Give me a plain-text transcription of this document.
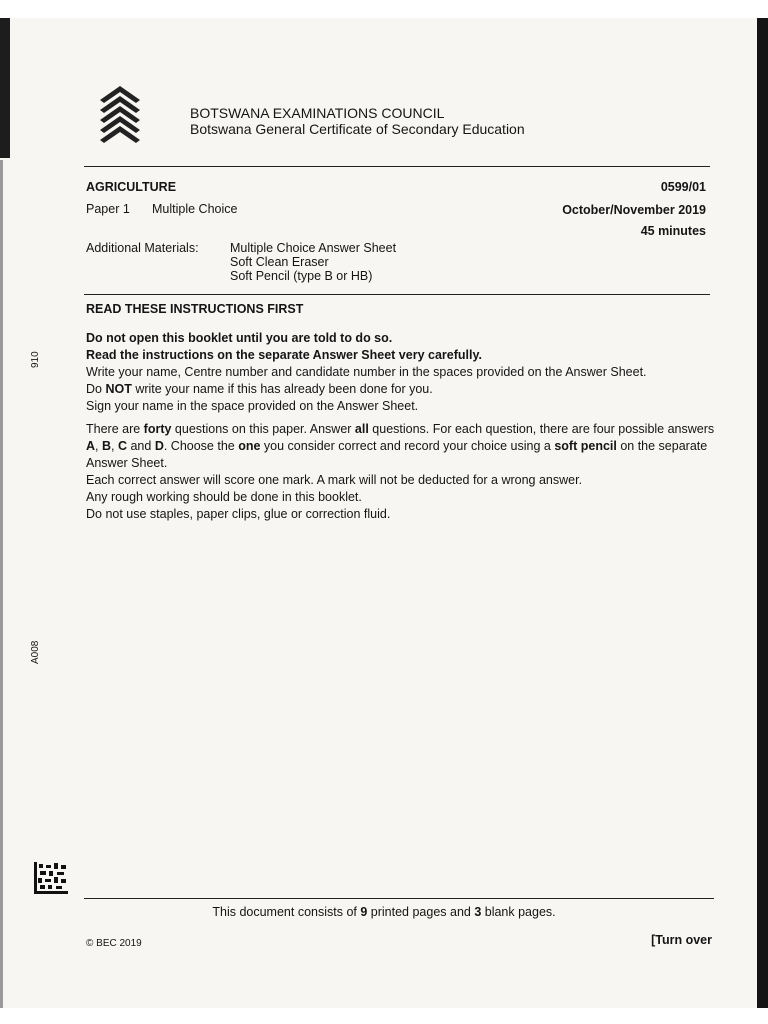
BOTSWANA EXAMINATIONS COUNCIL
Botswana General Certificate of Secondary Education
AGRICULTURE	0599/01
Paper 1 Multiple Choice	October/November 2019
45 minutes
Additional Materials:	Multiple Choice Answer Sheet
Soft Clean Eraser
Soft Pencil (type B or HB)
READ THESE INSTRUCTIONS FIRST

Do not open this booklet until you are told to do so.

Read the instructions on the separate Answer Sheet very carefully.

Write your name, Centre number and candidate number in the spaces provided on the Answer Sheet.

Do NOT write your name if this has already been done for you.

Sign your name in the space provided on the Answer Sheet.

There are forty questions on this paper. Answer all questions. For each question, there are four possible answers A, B, C and D. Choose the one you consider correct and record your choice using a soft pencil on the separate Answer Sheet.

Each correct answer will score one mark. A mark will not be deducted for a wrong answer.

Any rough working should be done in this booklet.

Do not use staples, paper clips, glue or correction fluid.

910
A008
This document consists of 9 printed pages and 3 blank pages.
© BEC 2019	[Turn over
